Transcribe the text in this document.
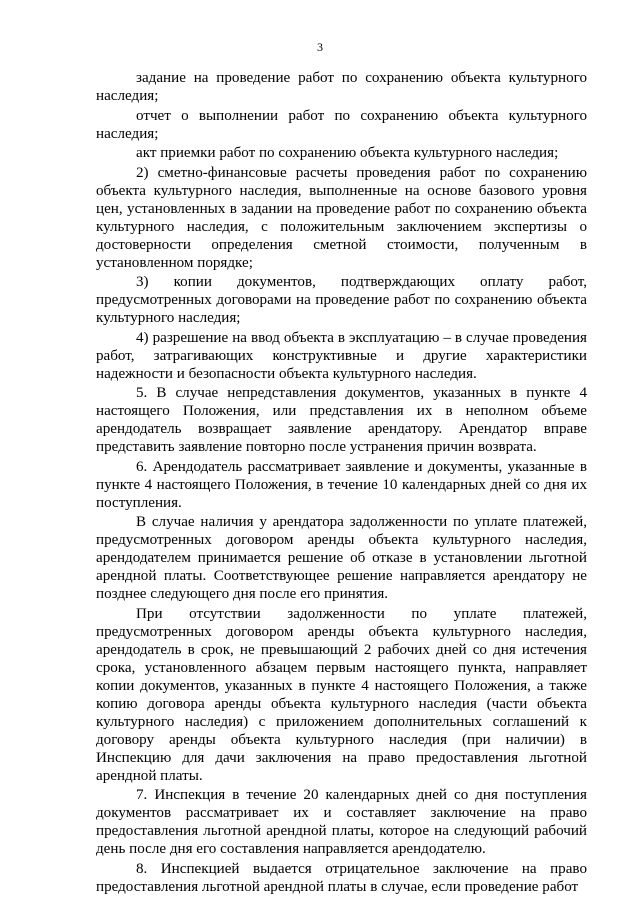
3

задание на проведение работ по сохранению объекта культурного наследия;

отчет о выполнении работ по сохранению объекта культурного наследия;

акт приемки работ по сохранению объекта культурного наследия;

2) сметно-финансовые расчеты проведения работ по сохранению объекта культурного наследия, выполненные на основе базового уровня цен, установленных в задании на проведение работ по сохранению объекта культурного наследия, с положительным заключением экспертизы о достоверности определения сметной стоимости, полученным в установленном порядке;

3) копии документов, подтверждающих оплату работ, предусмотренных договорами на проведение работ по сохранению объекта культурного наследия;

4) разрешение на ввод объекта в эксплуатацию – в случае проведения работ, затрагивающих конструктивные и другие характеристики надежности и безопасности объекта культурного наследия.

5. В случае непредставления документов, указанных в пункте 4 настоящего Положения, или представления их в неполном объеме арендодатель возвращает заявление арендатору. Арендатор вправе представить заявление повторно после устранения причин возврата.

6. Арендодатель рассматривает заявление и документы, указанные в пункте 4 настоящего Положения, в течение 10 календарных дней со дня их поступления.

В случае наличия у арендатора задолженности по уплате платежей, предусмотренных договором аренды объекта культурного наследия, арендодателем принимается решение об отказе в установлении льготной арендной платы. Соответствующее решение направляется арендатору не позднее следующего дня после его принятия.

При отсутствии задолженности по уплате платежей, предусмотренных договором аренды объекта культурного наследия, арендодатель в срок, не превышающий 2 рабочих дней со дня истечения срока, установленного абзацем первым настоящего пункта, направляет копии документов, указанных в пункте 4 настоящего Положения, а также копию договора аренды объекта культурного наследия (части объекта культурного наследия) с приложением дополнительных соглашений к договору аренды объекта культурного наследия (при наличии) в Инспекцию для дачи заключения на право предоставления льготной арендной платы.

7. Инспекция в течение 20 календарных дней со дня поступления документов рассматривает их и составляет заключение на право предоставления льготной арендной платы, которое на следующий рабочий день после дня его составления направляется арендодателю.

8. Инспекцией выдается отрицательное заключение на право предоставления льготной арендной платы в случае, если проведение работ
